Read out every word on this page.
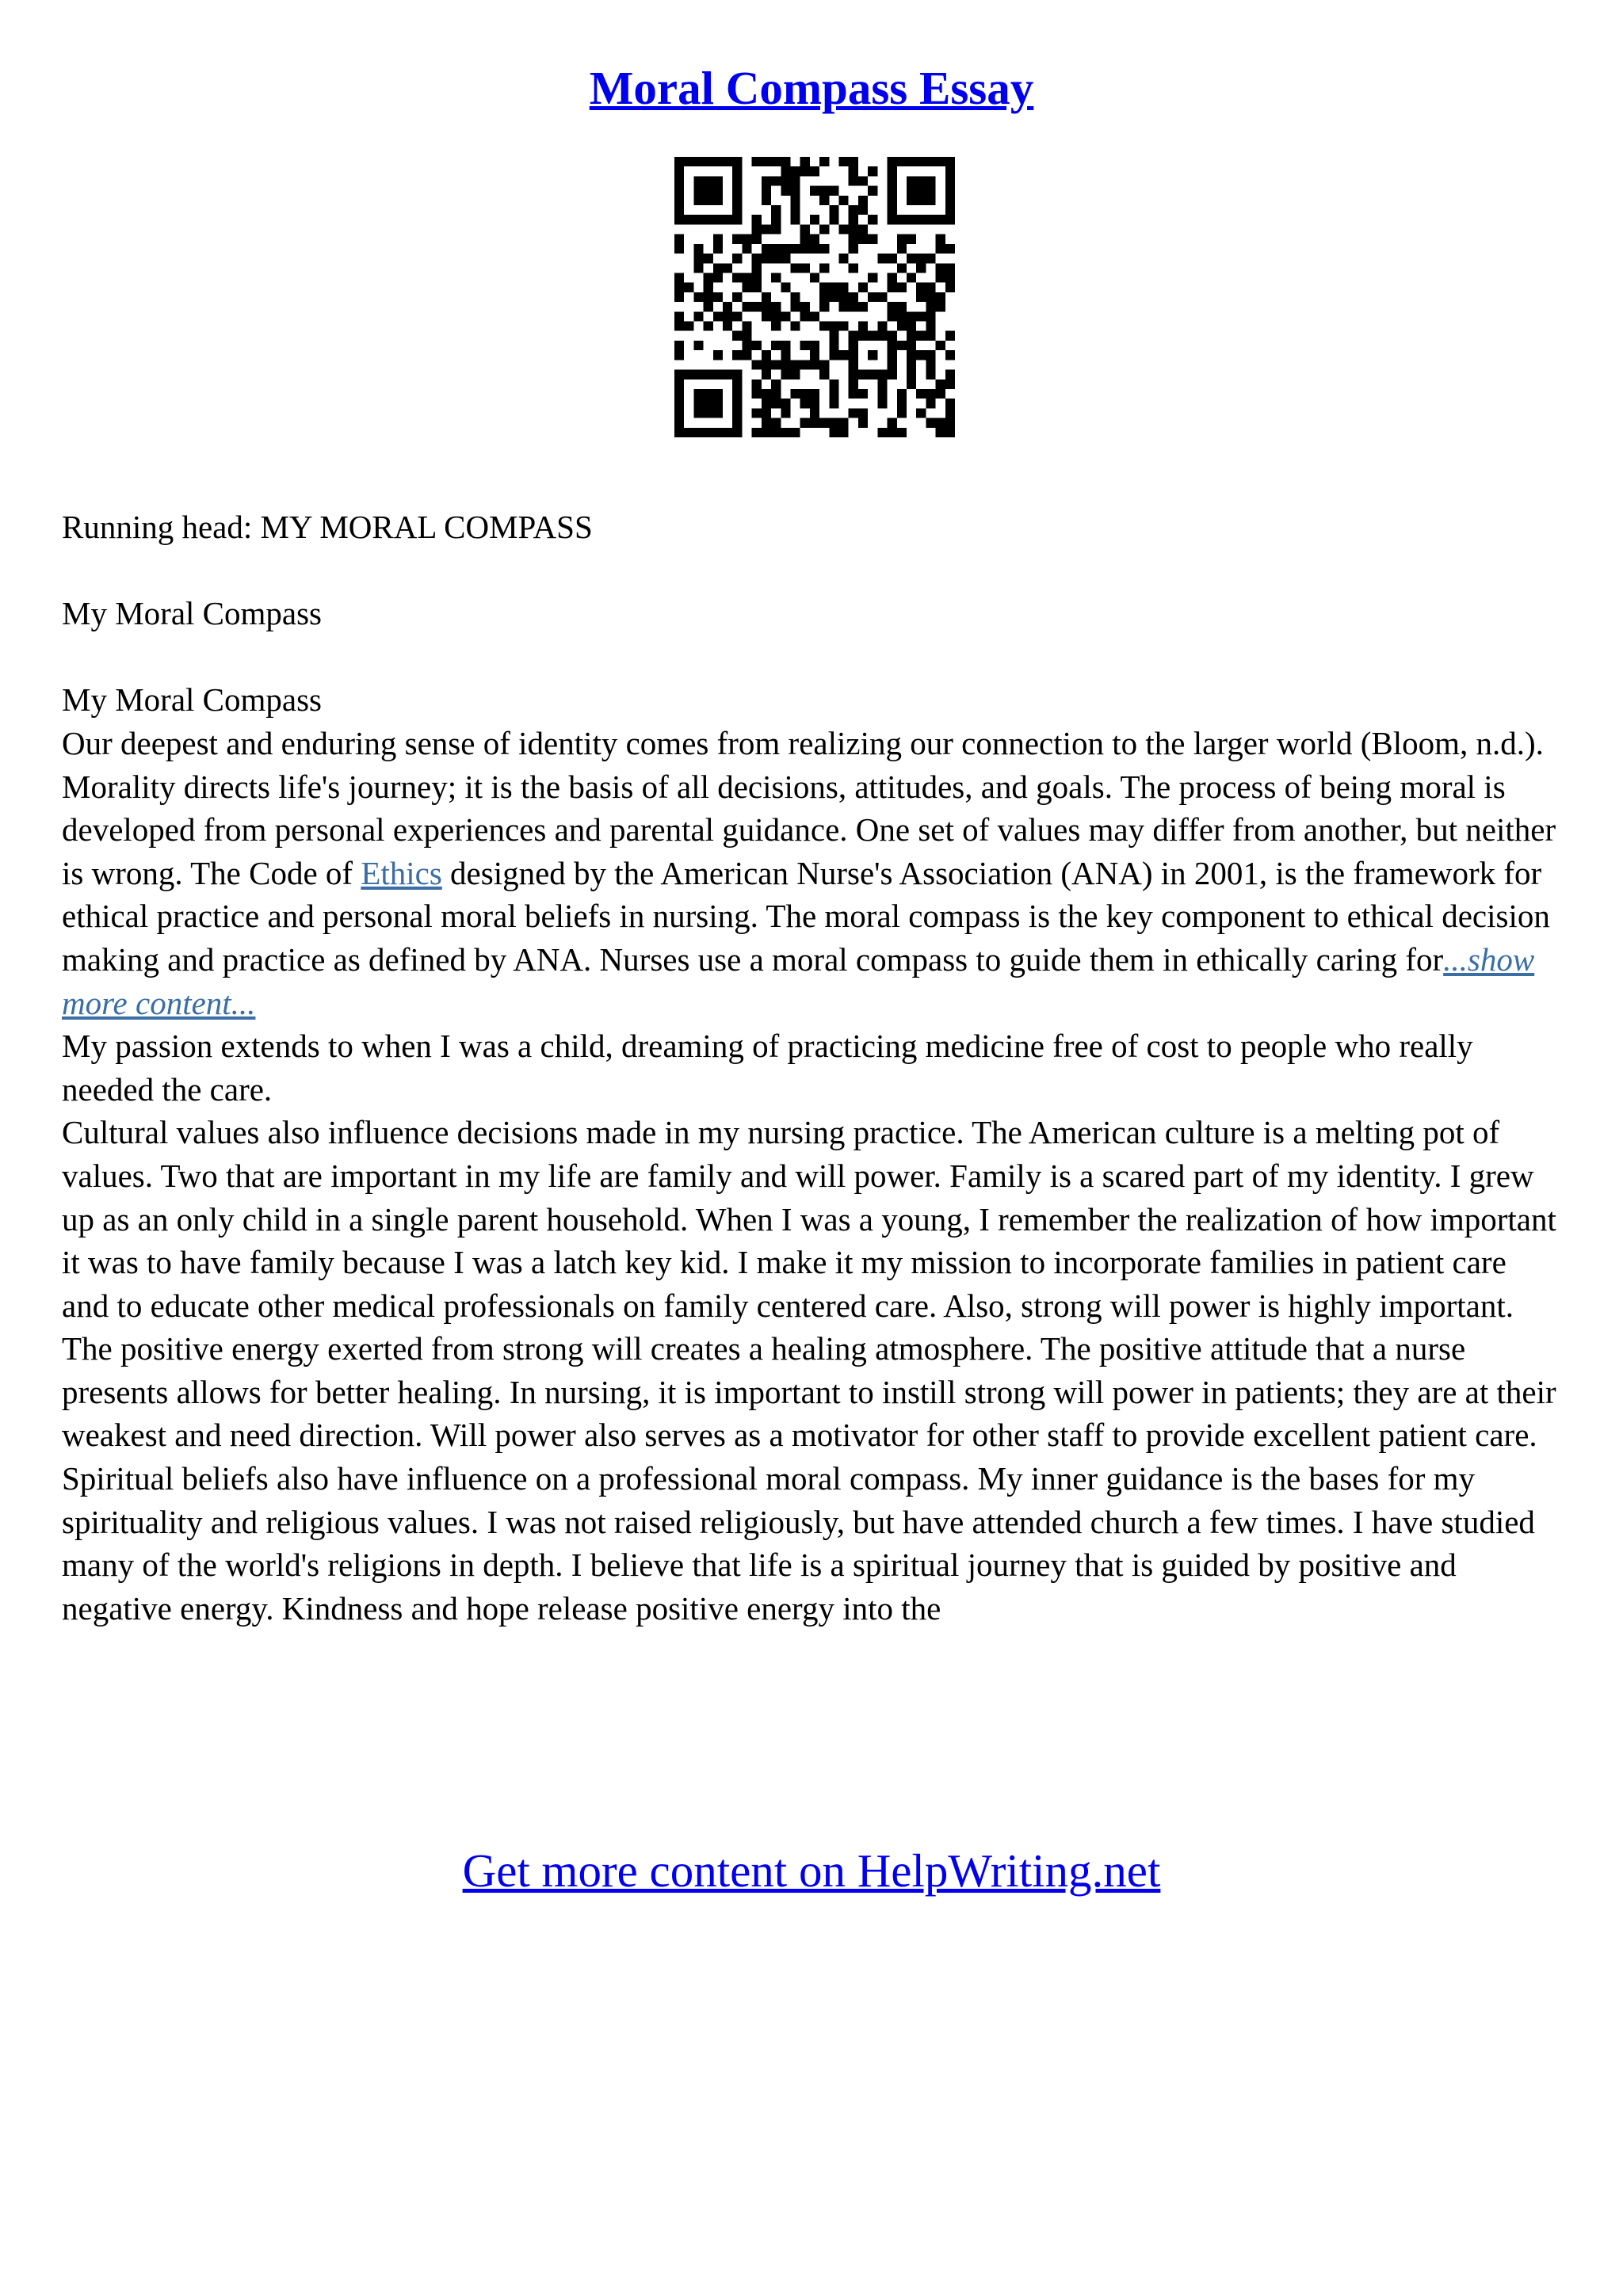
Moral Compass Essay

Running head: MY MORAL COMPASS

My Moral Compass

My Moral Compass

Our deepest and enduring sense of identity comes from realizing our connection to the larger world (Bloom, n.d.). Morality directs life's journey; it is the basis of all decisions, attitudes, and goals. The process of being moral is developed from personal experiences and parental guidance. One set of values may differ from another, but neither is wrong. The Code of Ethics designed by the American Nurse's Association (ANA) in 2001, is the framework for ethical practice and personal moral beliefs in nursing. The moral compass is the key component to ethical decision making and practice as defined by ANA. Nurses use a moral compass to guide them in ethically caring for...show more content...

My passion extends to when I was a child, dreaming of practicing medicine free of cost to people who really needed the care.

Cultural values also influence decisions made in my nursing practice. The American culture is a melting pot of values. Two that are important in my life are family and will power. Family is a scared part of my identity. I grew up as an only child in a single parent household. When I was a young, I remember the realization of how important it was to have family because I was a latch key kid. I make it my mission to incorporate families in patient care and to educate other medical professionals on family centered care. Also, strong will power is highly important. The positive energy exerted from strong will creates a healing atmosphere. The positive attitude that a nurse presents allows for better healing. In nursing, it is important to instill strong will power in patients; they are at their weakest and need direction. Will power also serves as a motivator for other staff to provide excellent patient care.

Spiritual beliefs also have influence on a professional moral compass. My inner guidance is the bases for my spirituality and religious values. I was not raised religiously, but have attended church a few times. I have studied many of the world's religions in depth. I believe that life is a spiritual journey that is guided by positive and negative energy. Kindness and hope release positive energy into the

Get more content on HelpWriting.net
